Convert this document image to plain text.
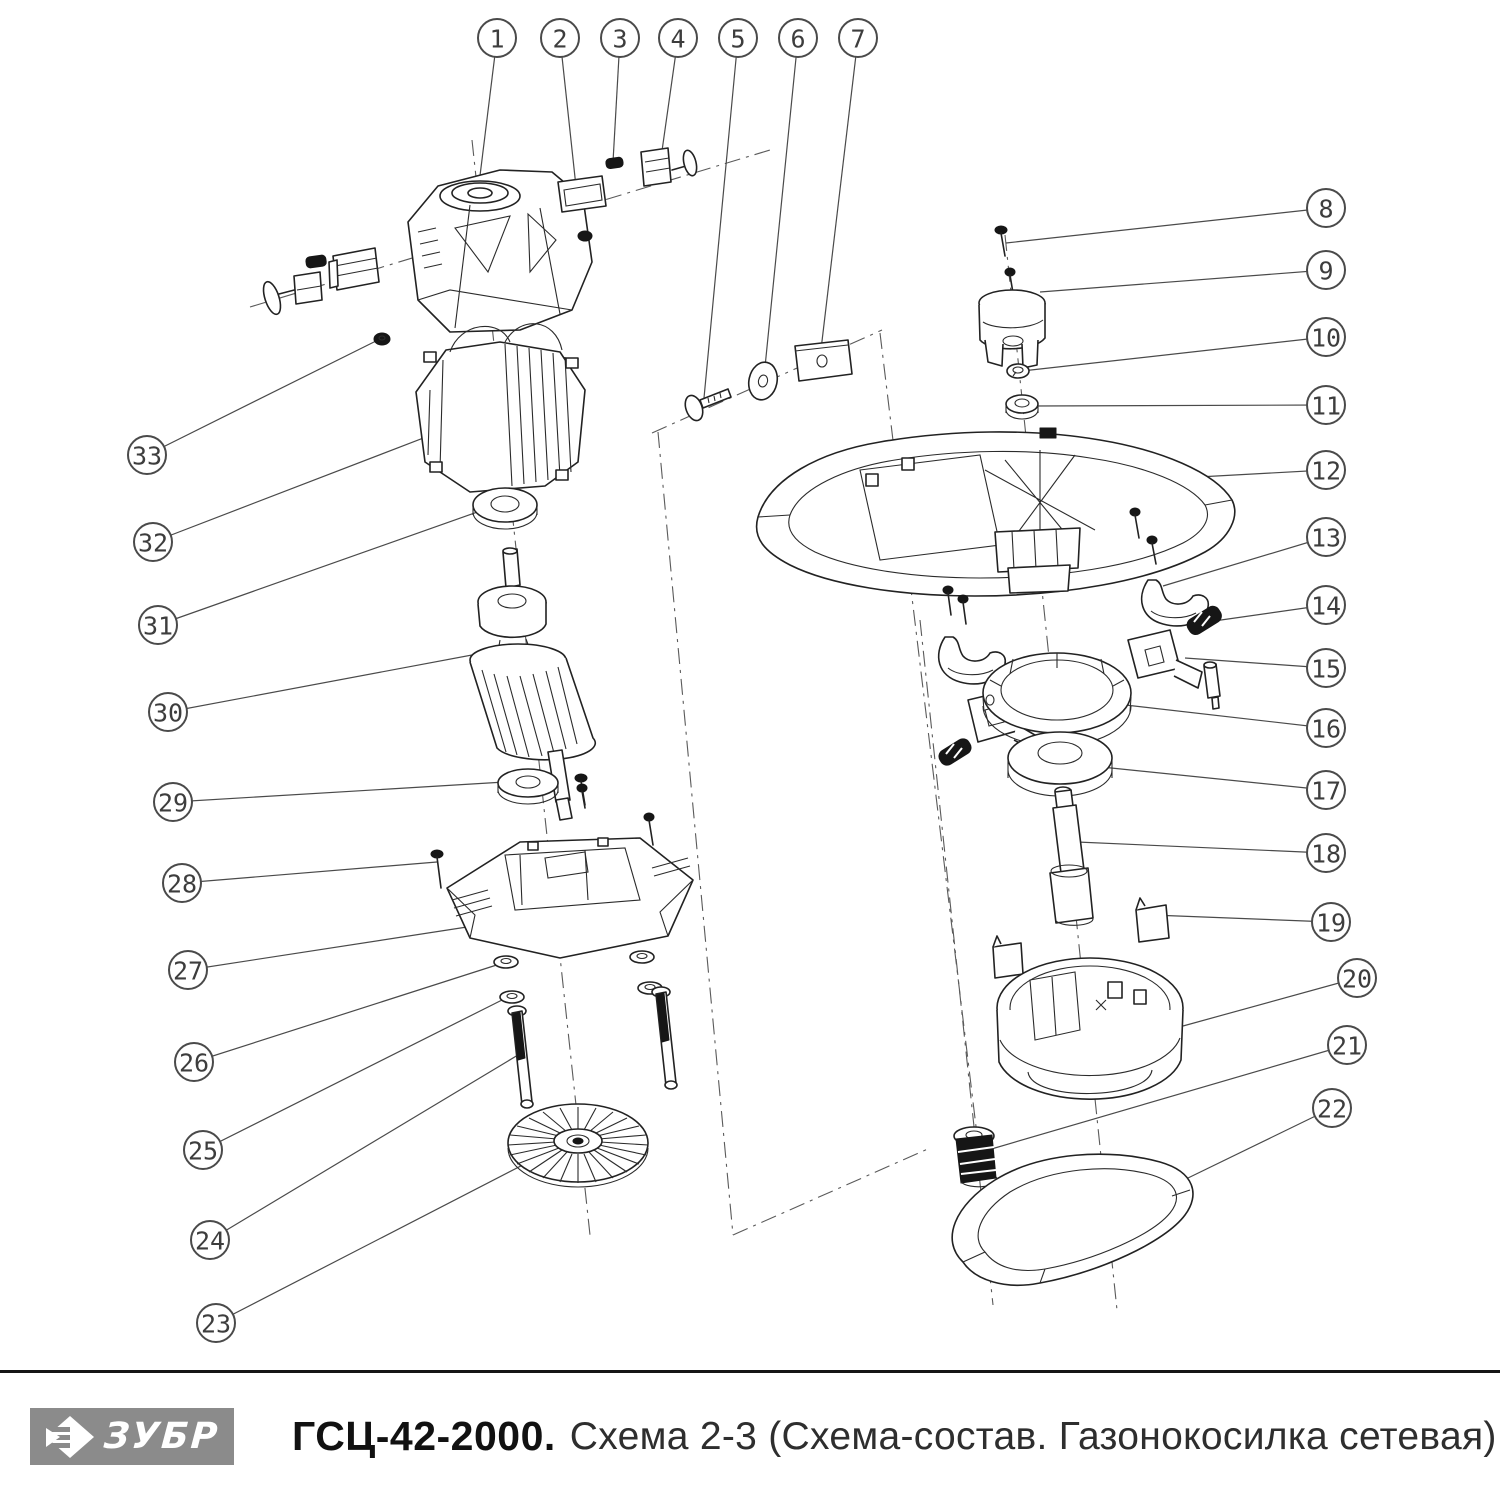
1 2 3 4 5 6 7
8
9
10
11
12
13
14
15
16
17
18
19
20
21
22
23
24
25
26
27
28
29
30
31
32
33
ЗУБР ГСЦ-42-2000. Схема 2-3 (Схема-состав. Газонокосилка сетевая)
